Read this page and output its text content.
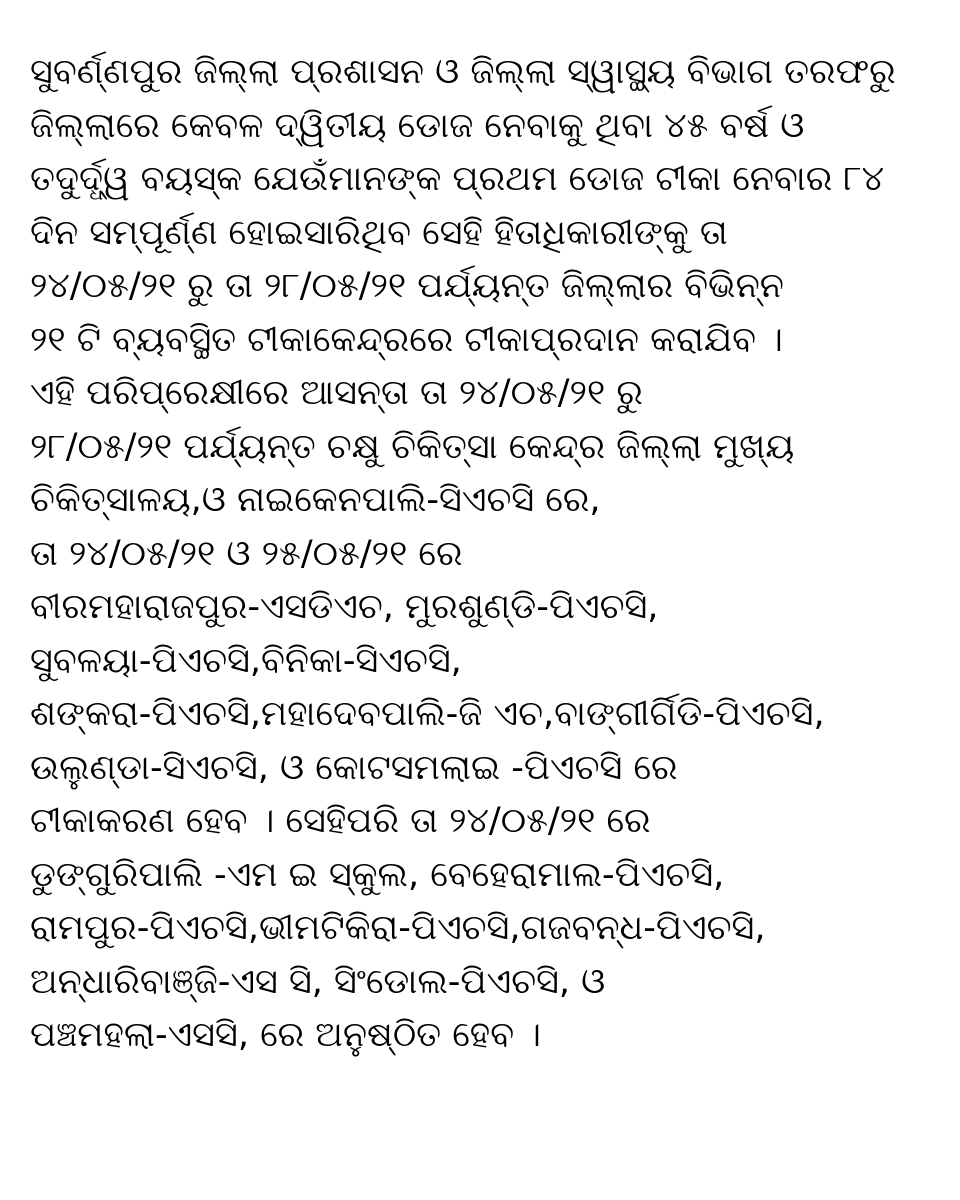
ସୁବର୍ଣ୍ଣପୁର ଜିଲ୍ଲା ପ୍ରଶାସନ ଓ ଜିଲ୍ଲା ସ୍ୱାସ୍ଥ୍ୟ ବିଭାଗ ତରଫରୁ
ଜିଲ୍ଲାରେ କେବଳ ଦ୍ୱିତୀୟ ଡୋଜ ନେବାକୁ ଥିବା ୪୫ ବର୍ଷ ଓ
ତଦୁର୍ଦ୍ଧ୍ୱ ବୟସ୍କ ଯେଉଁମାନଙ୍କ ପ୍ରଥମ ଡୋଜ ଟୀକା ନେବାର ୮୪
ଦିନ ସମ୍ପୂର୍ଣ୍ଣ ହୋଇସାରିଥିବ ସେହି ହିତାଧିକାରୀଙ୍କୁ ତା
୨୪/୦୫/୨୧ ରୁ ତା ୨୮/୦୫/୨୧ ପର୍ଯ୍ୟନ୍ତ ଜିଲ୍ଲାର ବିଭିନ୍ନ
୨୧ ଟି ବ୍ୟବସ୍ଥିତ ଟୀକାକେନ୍ଦ୍ରରେ ଟୀକାପ୍ରଦାନ କରାଯିବ ।
ଏହି ପରିପ୍ରେକ୍ଷୀରେ ଆସନ୍ତା ତା ୨୪/୦୫/୨୧ ରୁ
୨୮/୦୫/୨୧ ପର୍ଯ୍ୟନ୍ତ ଚକ୍ଷୁ ଚିକିତ୍ସା କେନ୍ଦ୍ର ଜିଲ୍ଲା ମୁଖ୍ୟ
ଚିକିତ୍ସାଳୟ,ଓ ନାଇକେନପାଲି-ସିଏଚସି ରେ,
ତା ୨୪/୦୫/୨୧ ଓ ୨୫/୦୫/୨୧ ରେ
ବୀରମହାରାଜପୁର-ଏସଡିଏଚ, ମୁରଶୁଣ୍ଡି-ପିଏଚସି,
ସୁବଳୟା-ପିଏଚସି,ବିନିକା-ସିଏଚସି,
ଶଙ୍କରା-ପିଏଚସି,ମହାଦେବପାଲି-ଜି ଏଚ,ବାଙ୍ଗୀର୍ଗିଡି-ପିଏଚସି,
ଉଲୁଣ୍ଡା-ସିଏଚସି, ଓ କୋଟସମଲାଇ -ପିଏଚସି ରେ
ଟୀକାକରଣ ହେବ । ସେହିପରି ତା ୨୪/୦୫/୨୧ ରେ
ଡୁଙ୍ଗୁରିପାଲି -ଏମ ଇ ସ୍କୁଲ, ବେହେରାମାଲ-ପିଏଚସି,
ରାମପୁର-ପିଏଚସି,ଭୀମଟିକିରା-ପିଏଚସି,ଗଜବନ୍ଧ-ପିଏଚସି,
ଅନ୍ଧାରିବାଞ୍ଜି-ଏସ ସି, ସିଂଡୋଲ-ପିଏଚସି, ଓ
ପଞ୍ଚମହଲା-ଏସସି, ରେ ଅନୁଷ୍ଠିତ ହେବ ।
